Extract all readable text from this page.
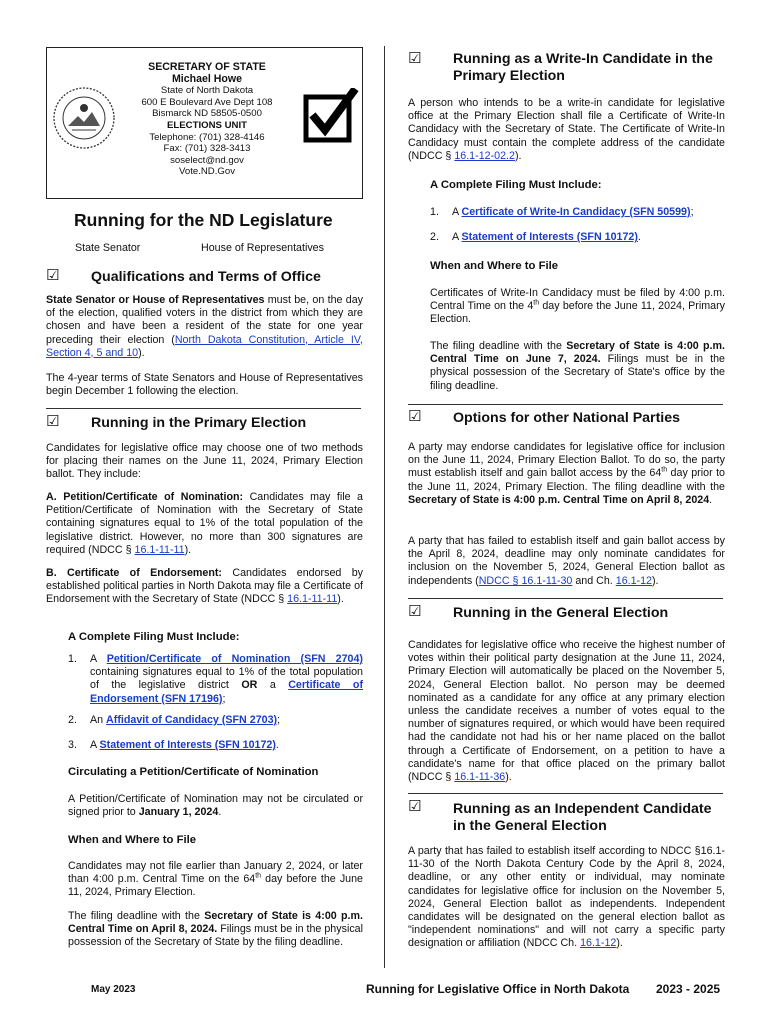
SECRETARY OF STATE
Michael Howe
State of North Dakota
600 E Boulevard Ave Dept 108
Bismarck ND 58505-0500
ELECTIONS UNIT
Telephone: (701) 328-4146
Fax: (701) 328-3413
soselect@nd.gov
Vote.ND.Gov
Running for the ND Legislature
State Senator	House of Representatives
☑ Qualifications and Terms of Office

State Senator or House of Representatives must be, on the day of the election, qualified voters in the district from which they are chosen and have been a resident of the state for one year preceding their election (North Dakota Constitution, Article IV, Section 4, 5 and 10).

The 4-year terms of State Senators and House of Representatives begin December 1 following the election.

☑ Running in the Primary Election

Candidates for legislative office may choose one of two methods for placing their names on the June 11, 2024, Primary Election ballot. They include:

A. Petition/Certificate of Nomination: Candidates may file a Petition/Certificate of Nomination with the Secretary of State containing signatures equal to 1% of the total population of the legislative district. However, no more than 300 signatures are required (NDCC § 16.1-11-11).

B. Certificate of Endorsement: Candidates endorsed by established political parties in North Dakota may file a Certificate of Endorsement with the Secretary of State (NDCC § 16.1-11-11).

A Complete Filing Must Include:
1. A Petition/Certificate of Nomination (SFN 2704) containing signatures equal to 1% of the total population of the legislative district OR a Certificate of Endorsement (SFN 17196);
2. An Affidavit of Candidacy (SFN 2703);
3. A Statement of Interests (SFN 10172).
Circulating a Petition/Certificate of Nomination

A Petition/Certificate of Nomination may not be circulated or signed prior to January 1, 2024.

When and Where to File

Candidates may not file earlier than January 2, 2024, or later than 4:00 p.m. Central Time on the 64th day before the June 11, 2024, Primary Election.

The filing deadline with the Secretary of State is 4:00 p.m. Central Time on April 8, 2024. Filings must be in the physical possession of the Secretary of State by the filing deadline.

☑ Running as a Write-In Candidate in the Primary Election

A person who intends to be a write-in candidate for legislative office at the Primary Election shall file a Certificate of Write-In Candidacy with the Secretary of State. The Certificate of Write-In Candidacy must contain the complete address of the candidate (NDCC § 16.1-12-02.2).

A Complete Filing Must Include:
1. A Certificate of Write-In Candidacy (SFN 50599);
2. A Statement of Interests (SFN 10172).
When and Where to File

Certificates of Write-In Candidacy must be filed by 4:00 p.m. Central Time on the 4th day before the June 11, 2024, Primary Election.

The filing deadline with the Secretary of State is 4:00 p.m. Central Time on June 7, 2024. Filings must be in the physical possession of the Secretary of State's office by the filing deadline.

☑ Options for other National Parties

A party may endorse candidates for legislative office for inclusion on the June 11, 2024, Primary Election Ballot. To do so, the party must establish itself and gain ballot access by the 64th day prior to the June 11, 2024, Primary Election. The filing deadline with the Secretary of State is 4:00 p.m. Central Time on April 8, 2024.

A party that has failed to establish itself and gain ballot access by the April 8, 2024, deadline may only nominate candidates for inclusion on the November 5, 2024, General Election ballot as independents (NDCC § 16.1-11-30 and Ch. 16.1-12).

☑ Running in the General Election

Candidates for legislative office who receive the highest number of votes within their political party designation at the June 11, 2024, Primary Election will automatically be placed on the November 5, 2024, General Election ballot. No person may be deemed nominated as a candidate for any office at any primary election unless the candidate receives a number of votes equal to the number of signatures required, or which would have been required had the candidate not had his or her name placed on the ballot through a Certificate of Endorsement, on a petition to have a candidate's name for that office placed on the primary ballot (NDCC § 16.1-11-36).

☑ Running as an Independent Candidate in the General Election

A party that has failed to establish itself according to NDCC §16.1-11-30 of the North Dakota Century Code by the April 8, 2024, deadline, or any other entity or individual, may nominate candidates for legislative office for inclusion on the November 5, 2024, General Election ballot as independents. Independent candidates will be designated on the general election ballot as "independent nominations" and will not carry a specific party designation or affiliation (NDCC Ch. 16.1-12).

May 2023	Running for Legislative Office in North Dakota 2023 - 2025
